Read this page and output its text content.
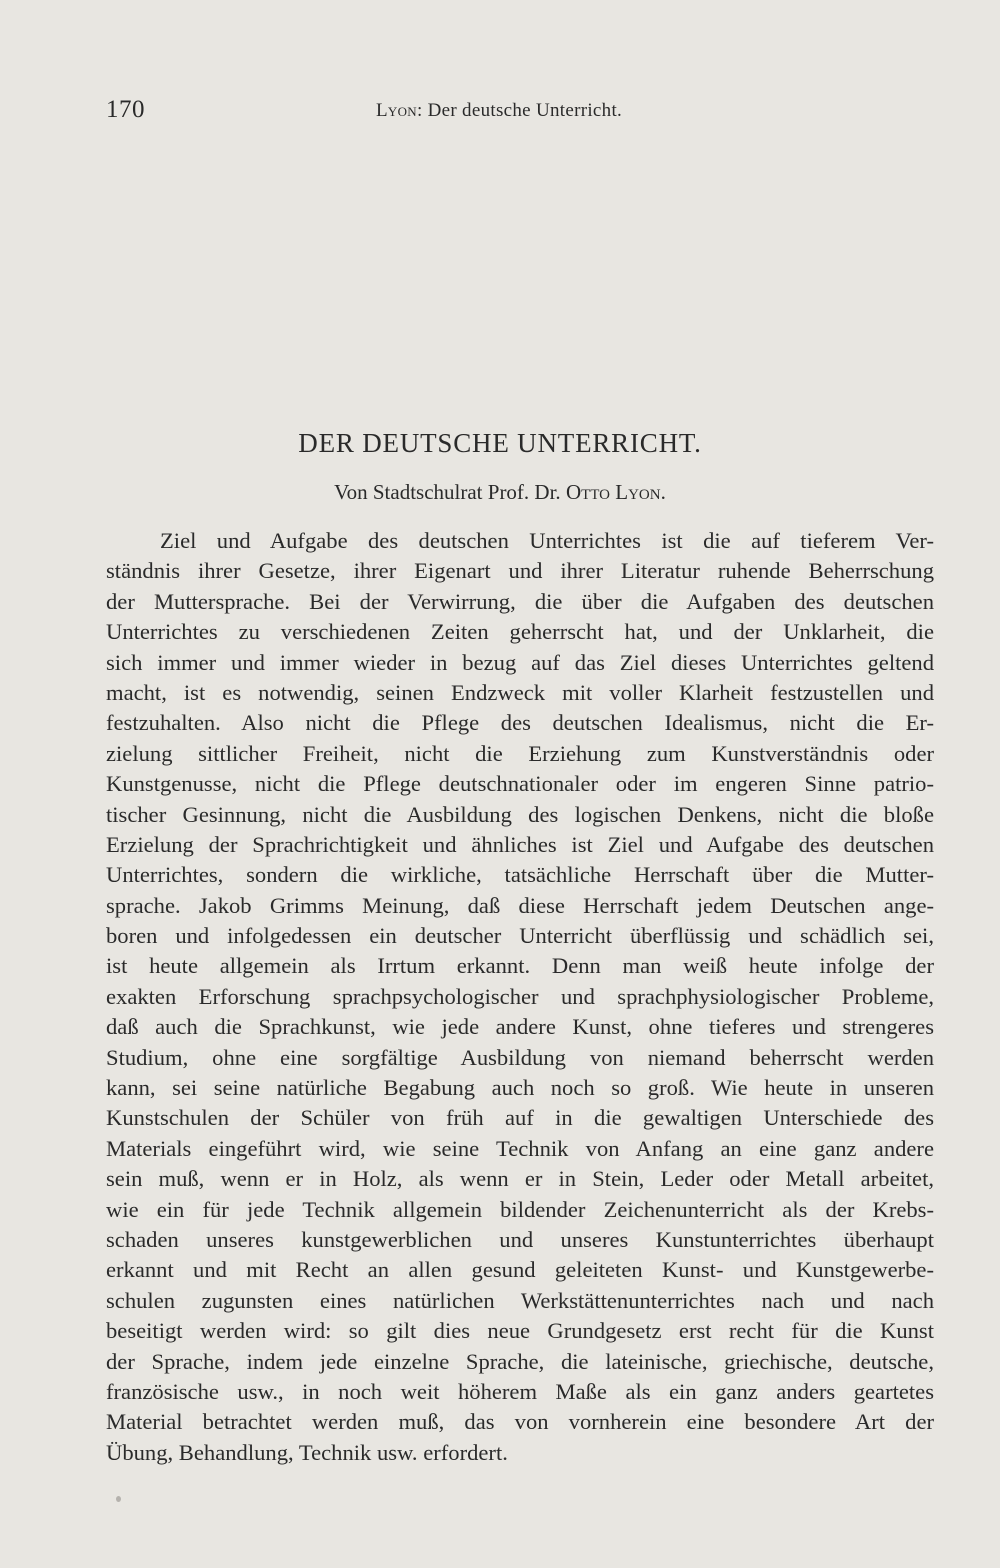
170	Lyon: Der deutsche Unterricht.
DER DEUTSCHE UNTERRICHT.
Von Stadtschulrat Prof. Dr. Otto Lyon.
Ziel und Aufgabe des deutschen Unterrichtes ist die auf tieferem Ver-
ständnis ihrer Gesetze, ihrer Eigenart und ihrer Literatur ruhende Beherrschung
der Muttersprache. Bei der Verwirrung, die über die Aufgaben des deutschen
Unterrichtes zu verschiedenen Zeiten geherrscht hat, und der Unklarheit, die
sich immer und immer wieder in bezug auf das Ziel dieses Unterrichtes geltend
macht, ist es notwendig, seinen Endzweck mit voller Klarheit festzustellen und
festzuhalten. Also nicht die Pflege des deutschen Idealismus, nicht die Er-
zielung sittlicher Freiheit, nicht die Erziehung zum Kunstverständnis oder
Kunstgenusse, nicht die Pflege deutschnationaler oder im engeren Sinne patrio-
tischer Gesinnung, nicht die Ausbildung des logischen Denkens, nicht die bloße
Erzielung der Sprachrichtigkeit und ähnliches ist Ziel und Aufgabe des deutschen
Unterrichtes, sondern die wirkliche, tatsächliche Herrschaft über die Mutter-
sprache. Jakob Grimms Meinung, daß diese Herrschaft jedem Deutschen ange-
boren und infolgedessen ein deutscher Unterricht überflüssig und schädlich sei,
ist heute allgemein als Irrtum erkannt. Denn man weiß heute infolge der
exakten Erforschung sprachpsychologischer und sprachphysiologischer Probleme,
daß auch die Sprachkunst, wie jede andere Kunst, ohne tieferes und strengeres
Studium, ohne eine sorgfältige Ausbildung von niemand beherrscht werden
kann, sei seine natürliche Begabung auch noch so groß. Wie heute in unseren
Kunstschulen der Schüler von früh auf in die gewaltigen Unterschiede des
Materials eingeführt wird, wie seine Technik von Anfang an eine ganz andere
sein muß, wenn er in Holz, als wenn er in Stein, Leder oder Metall arbeitet,
wie ein für jede Technik allgemein bildender Zeichenunterricht als der Krebs-
schaden unseres kunstgewerblichen und unseres Kunstunterrichtes überhaupt
erkannt und mit Recht an allen gesund geleiteten Kunst- und Kunstgewerbe-
schulen zugunsten eines natürlichen Werkstättenunterrichtes nach und nach
beseitigt werden wird: so gilt dies neue Grundgesetz erst recht für die Kunst
der Sprache, indem jede einzelne Sprache, die lateinische, griechische, deutsche,
französische usw., in noch weit höherem Maße als ein ganz anders geartetes
Material betrachtet werden muß, das von vornherein eine besondere Art der
Übung, Behandlung, Technik usw. erfordert.
